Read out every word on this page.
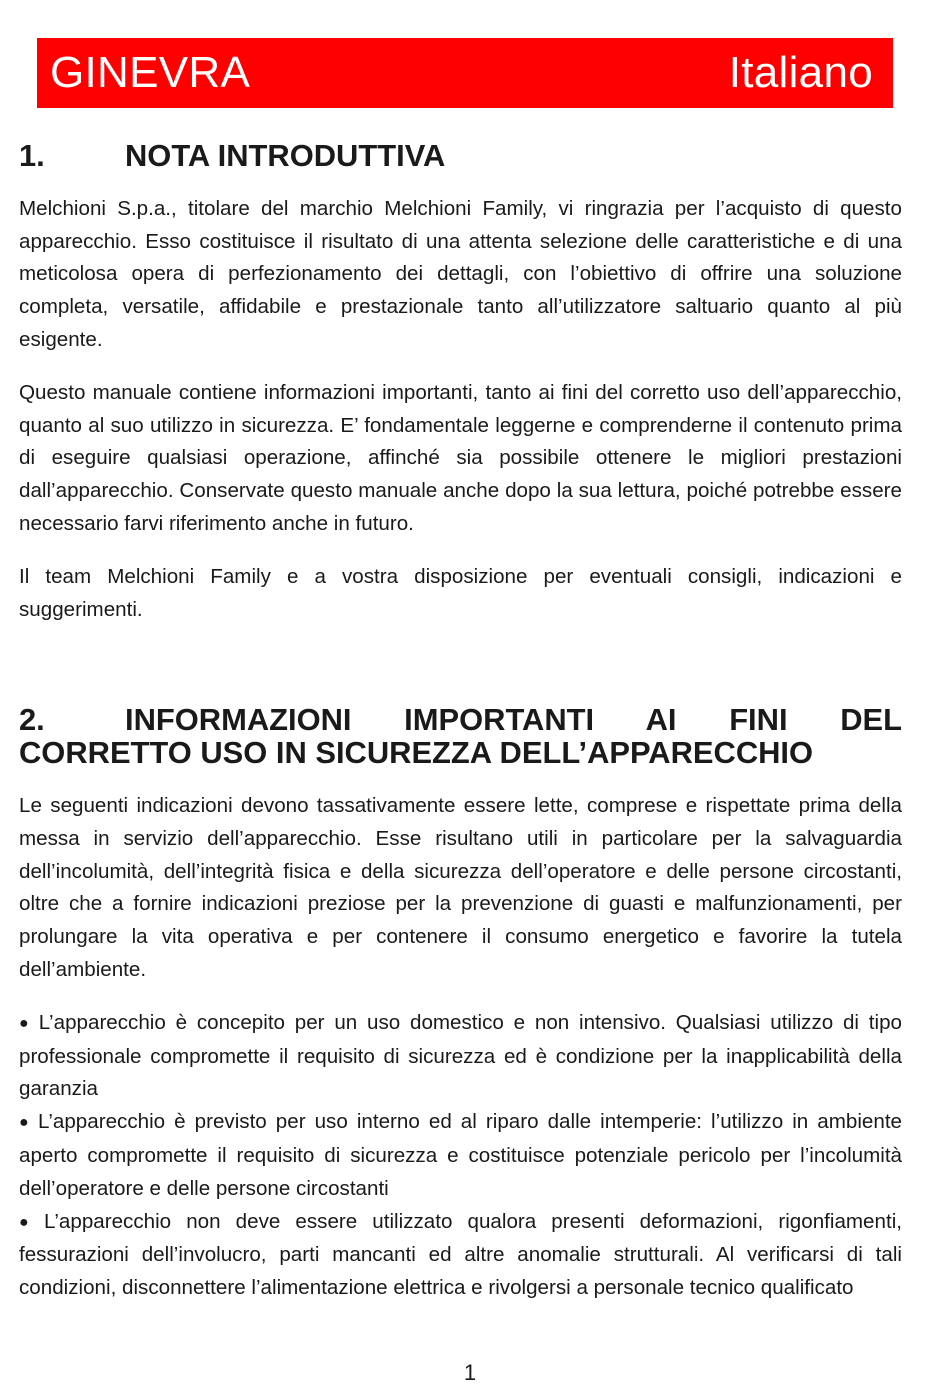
GINEVRA	Italiano
1.	NOTA INTRODUTTIVA

Melchioni S.p.a., titolare del marchio Melchioni Family, vi ringrazia per l’acquisto di questo apparecchio. Esso costituisce il risultato di una attenta selezione delle caratteristiche e di una meticolosa opera di perfezionamento dei dettagli, con l’obiettivo di offrire una soluzione completa, versatile, affidabile e prestazionale tanto all’utilizzatore saltuario quanto al più esigente.

Questo manuale contiene informazioni importanti, tanto ai fini del corretto uso dell’apparecchio, quanto al suo utilizzo in sicurezza. E’ fondamentale leggerne e comprenderne il contenuto prima di eseguire qualsiasi operazione, affinché sia possibile ottenere le migliori prestazioni dall’apparecchio. Conservate questo manuale anche dopo la sua lettura, poiché potrebbe essere necessario farvi riferimento anche in futuro.

Il team Melchioni Family e a vostra disposizione per eventuali consigli, indicazioni e suggerimenti.

2.	INFORMAZIONI IMPORTANTI AI FINI DEL CORRETTO USO IN SICUREZZA DELL’APPARECCHIO

Le seguenti indicazioni devono tassativamente essere lette, comprese e rispettate prima della messa in servizio dell’apparecchio. Esse risultano utili in particolare per la salvaguardia dell’incolumità, dell’integrità fisica e della sicurezza dell’operatore e delle persone circostanti, oltre che a fornire indicazioni preziose per la prevenzione di guasti e malfunzionamenti, per prolungare la vita operativa e per contenere il consumo energetico e favorire la tutela dell’ambiente.

● L’apparecchio è concepito per un uso domestico e non intensivo. Qualsiasi utilizzo di tipo professionale compromette il requisito di sicurezza ed è condizione per la inapplicabilità della garanzia

● L’apparecchio è previsto per uso interno ed al riparo dalle intemperie: l’utilizzo in ambiente aperto compromette il requisito di sicurezza e costituisce potenziale pericolo per l’incolumità dell’operatore e delle persone circostanti

● L’apparecchio non deve essere utilizzato qualora presenti deformazioni, rigonfiamenti, fessurazioni dell’involucro, parti mancanti ed altre anomalie strutturali. Al verificarsi di tali condizioni, disconnettere l’alimentazione elettrica e rivolgersi a personale tecnico qualificato

1
